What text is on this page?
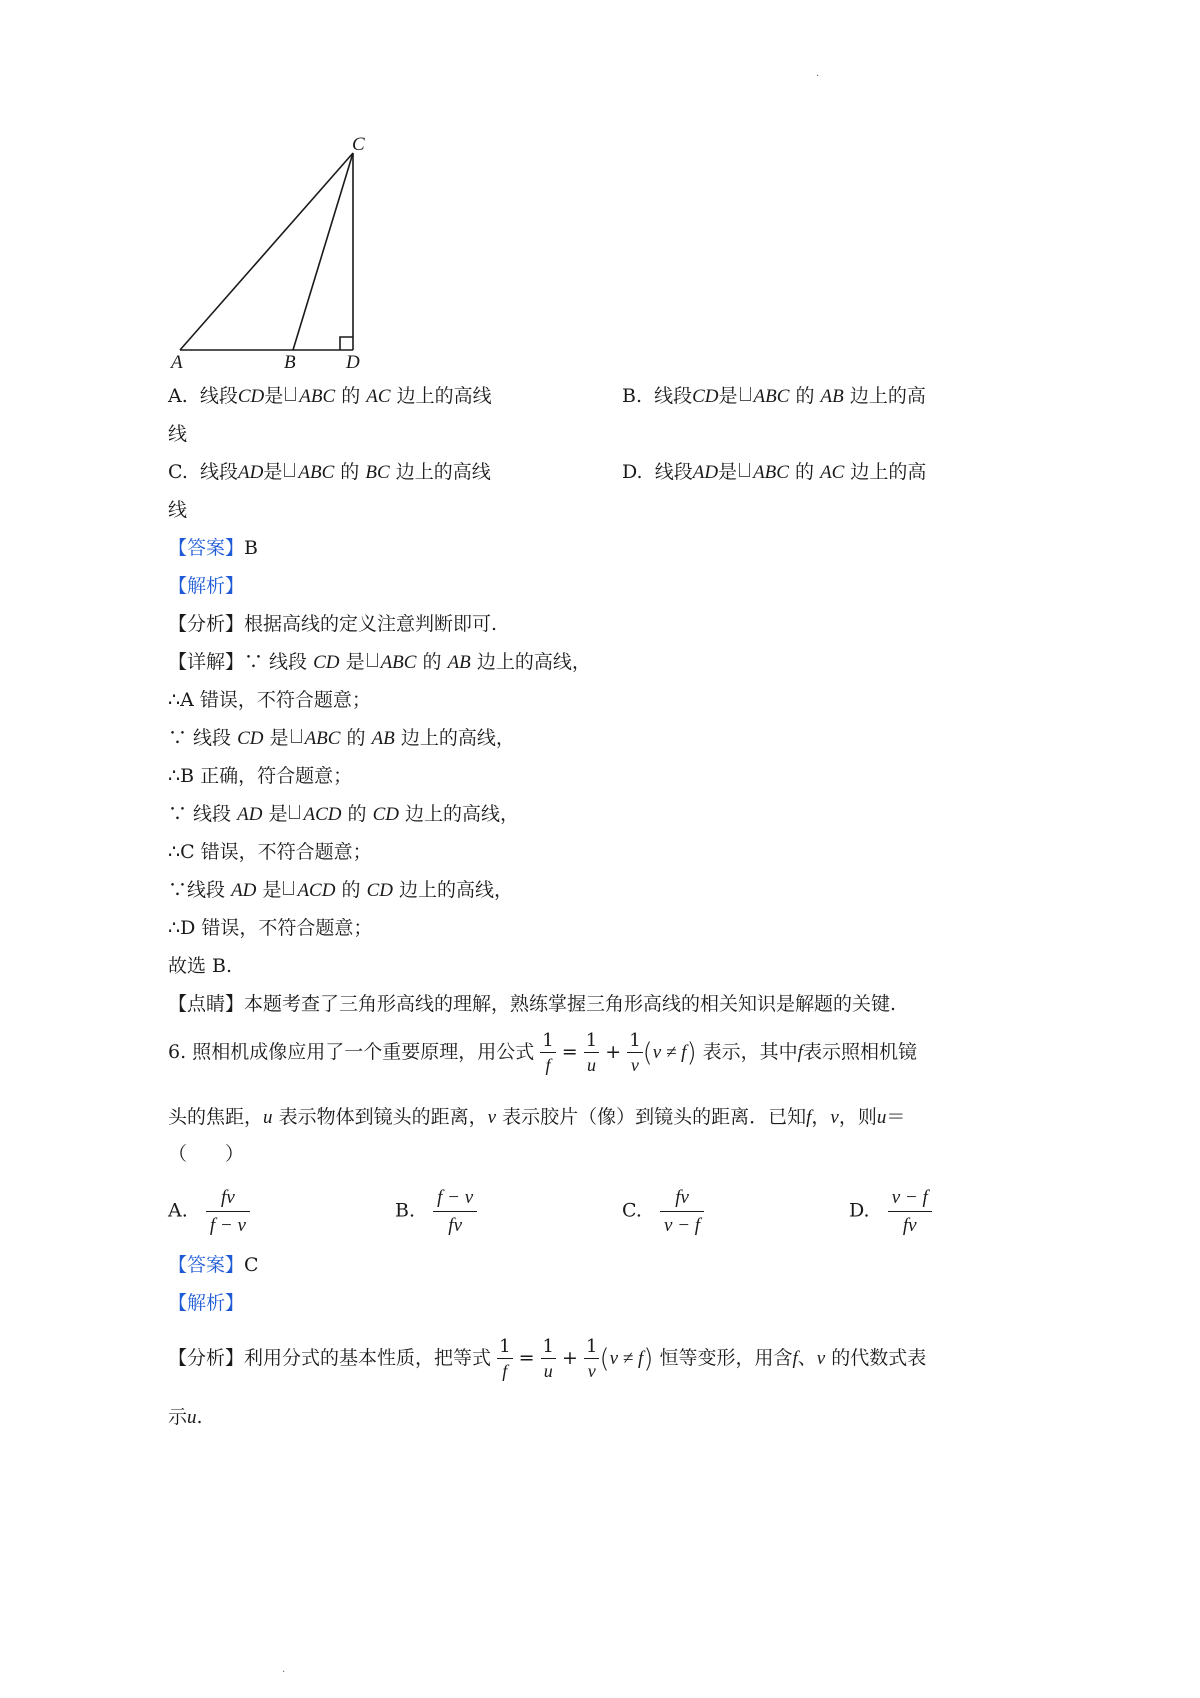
·
·
C
A	B	D
A. 线段CD是 ABC 的 AC 边上的高线	B. 线段CD是 ABC 的 AB 边上的高
线
C. 线段AD是 ABC 的 BC 边上的高线	D. 线段AD是 ABC 的 AC 边上的高
线
【答案】B
【解析】
【分析】根据高线的定义注意判断即可.
【详解】∵ 线段 CD 是 ABC 的 AB 边上的高线，
∴A 错误，不符合题意；
∵ 线段 CD 是 ABC 的 AB 边上的高线，
∴B 正确，符合题意；
∵ 线段 AD 是 ACD 的 CD 边上的高线，
∴C 错误，不符合题意；
∵线段 AD 是 ACD 的 CD 边上的高线，
∴D 错误，不符合题意；
故选 B.
【点睛】本题考查了三角形高线的理解，熟练掌握三角形高线的相关知识是解题的关键.
6. 照相机成像应用了一个重要原理，用公式 $\frac{1}{f} = \frac{1}{u} + \frac{1}{v} (v \ne f)$ 表示，其中f表示照相机镜
头的焦距，u 表示物体到镜头的距离，v 表示胶片（像）到镜头的距离．已知f，v，则u＝
（　　）
A. $\frac{fv}{f - v}$	B. $\frac{f - v}{fv}$	C. $\frac{fv}{v - f}$	D. $\frac{v - f}{fv}$
【答案】C
【解析】
【分析】利用分式的基本性质，把等式 $\frac{1}{f} = \frac{1}{u} + \frac{1}{v} (v \ne f)$ 恒等变形，用含f、v 的代数式表
示u.
